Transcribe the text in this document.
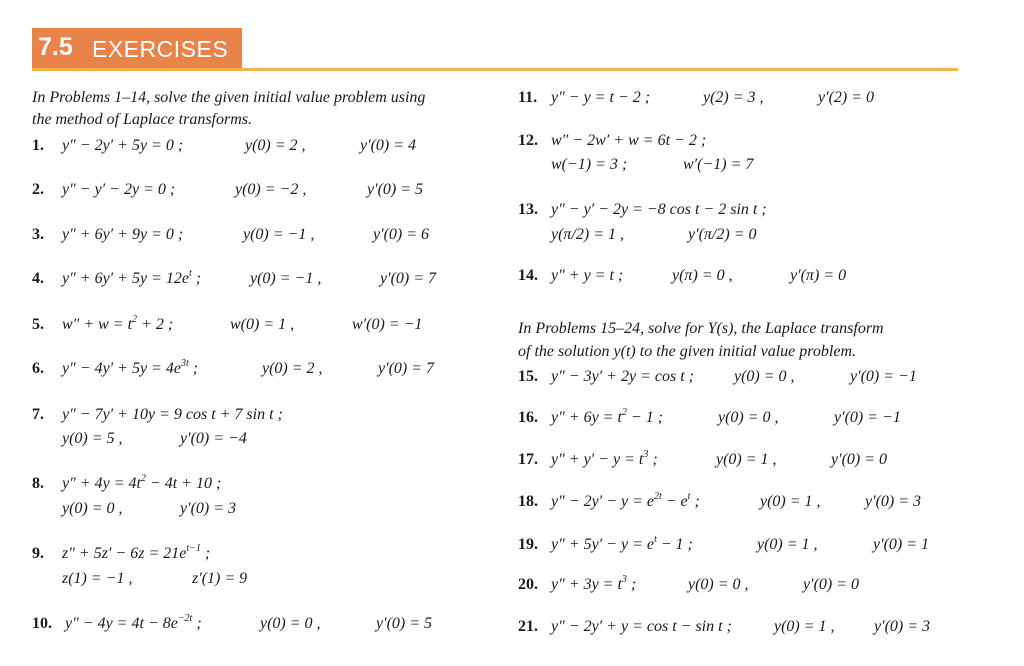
7.5 EXERCISES
In Problems 1–14, solve the given initial value problem using
the method of Laplace transforms.
1. y″ − 2y′ + 5y = 0 ;	y(0) = 2 ,	y′(0) = 4
2. y″ − y′ − 2y = 0 ;	y(0) = −2 ,	y′(0) = 5
3. y″ + 6y′ + 9y = 0 ;	y(0) = −1 ,	y′(0) = 6
4. $y'' + 6y' + 5y = 12e^t$ ;	y(0) = −1 ,	y′(0) = 7
5. $w'' + w = t^2 + 2$ ;	w(0) = 1 ,	w′(0) = −1
6. $y'' - 4y' + 5y = 4e^{3t}$ ;	y(0) = 2 ,	y′(0) = 7
7. y″ − 7y′ + 10y = 9 cos t + 7 sin t ;
y(0) = 5 ,	y′(0) = −4
8. $y'' + 4y = 4t^2 - 4t + 10$ ;
y(0) = 0 ,	y′(0) = 3
9. $z'' + 5z' - 6z = 21e^{t-1}$ ;
z(1) = −1 ,	z′(1) = 9
10. $y'' - 4y = 4t - 8e^{-2t}$ ;	y(0) = 0 ,	y′(0) = 5
11. y″ − y = t − 2 ;	y(2) = 3 ,	y′(2) = 0
12. w″ − 2w′ + w = 6t − 2 ;
w(−1) = 3 ;	w′(−1) = 7
13. y″ − y′ − 2y = −8 cos t − 2 sin t ;
y(π/2) = 1 ,	y′(π/2) = 0
14. y″ + y = t ;	y(π) = 0 ,	y′(π) = 0
In Problems 15–24, solve for Y(s), the Laplace transform
of the solution y(t) to the given initial value problem.
15. y″ − 3y′ + 2y = cos t ;	y(0) = 0 ,	y′(0) = −1
16. $y'' + 6y = t^2 - 1$ ;	y(0) = 0 ,	y′(0) = −1
17. $y'' + y' - y = t^3$ ;	y(0) = 1 ,	y′(0) = 0
18. $y'' - 2y' - y = e^{2t} - e^t$ ;	y(0) = 1 ,	y′(0) = 3
19. $y'' + 5y' - y = e^t - 1$ ;	y(0) = 1 ,	y′(0) = 1
20. $y'' + 3y = t^3$ ;	y(0) = 0 ,	y′(0) = 0
21. y″ − 2y′ + y = cos t − sin t ;	y(0) = 1 , y′(0) = 3
